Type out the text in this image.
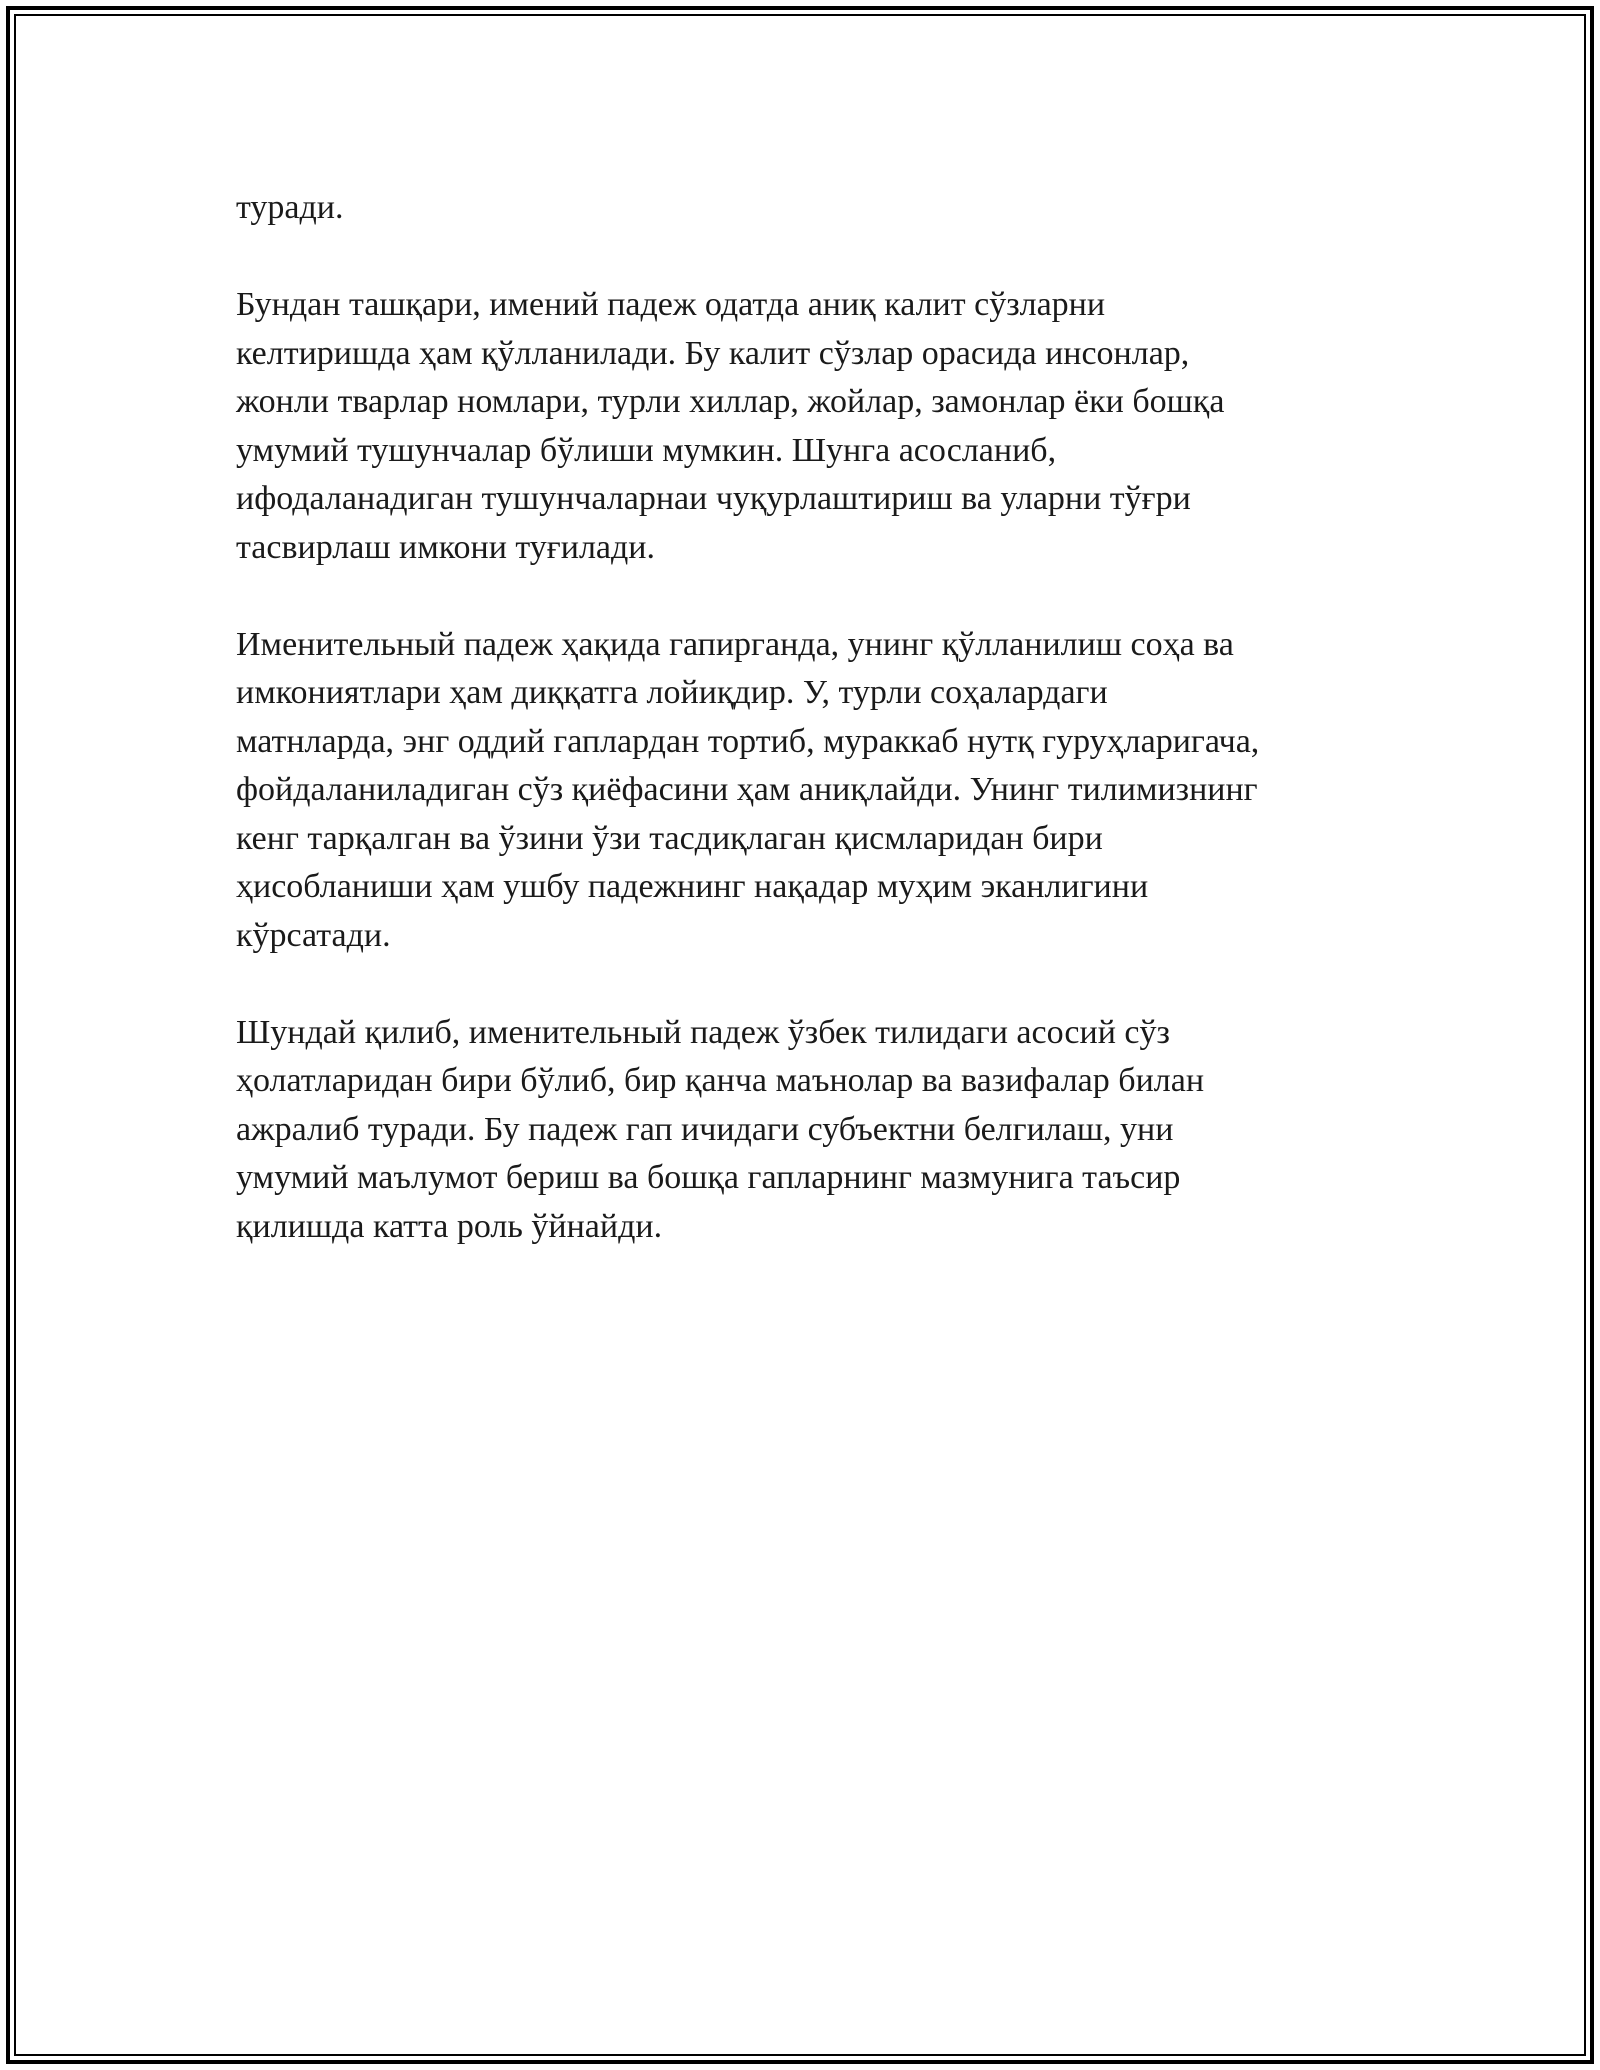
туради.

Бундан ташқари, имений падеж одатда аниқ калит сўзларни
келтиришда ҳам қўлланилади. Бу калит сўзлар орасида инсонлар,
жонли тварлар номлари, турли хиллар, жойлар, замонлар ёки бошқа
умумий тушунчалар бўлиши мумкин. Шунга асосланиб,
ифодаланадиган тушунчаларнаи чуқурлаштириш ва уларни тўғри
тасвирлаш имкони туғилади.

Именительный падеж ҳақида гапирганда, унинг қўлланилиш соҳа ва
имкониятлари ҳам диққатга лойиқдир. У, турли соҳалардаги
матнларда, энг оддий гаплардан тортиб, мураккаб нутқ гуруҳларигача,
фойдаланиладиган сўз қиёфасини ҳам аниқлайди. Унинг тилимизнинг
кенг тарқалган ва ўзини ўзи тасдиқлаган қисмларидан бири
ҳисобланиши ҳам ушбу падежнинг нақадар муҳим эканлигини
кўрсатади.

Шундай қилиб, именительный падеж ўзбек тилидаги асосий сўз
ҳолатларидан бири бўлиб, бир қанча маънолар ва вазифалар билан
ажралиб туради. Бу падеж гап ичидаги субъектни белгилаш, уни
умумий маълумот бериш ва бошқа гапларнинг мазмунига таъсир
қилишда катта роль ўйнайди.
